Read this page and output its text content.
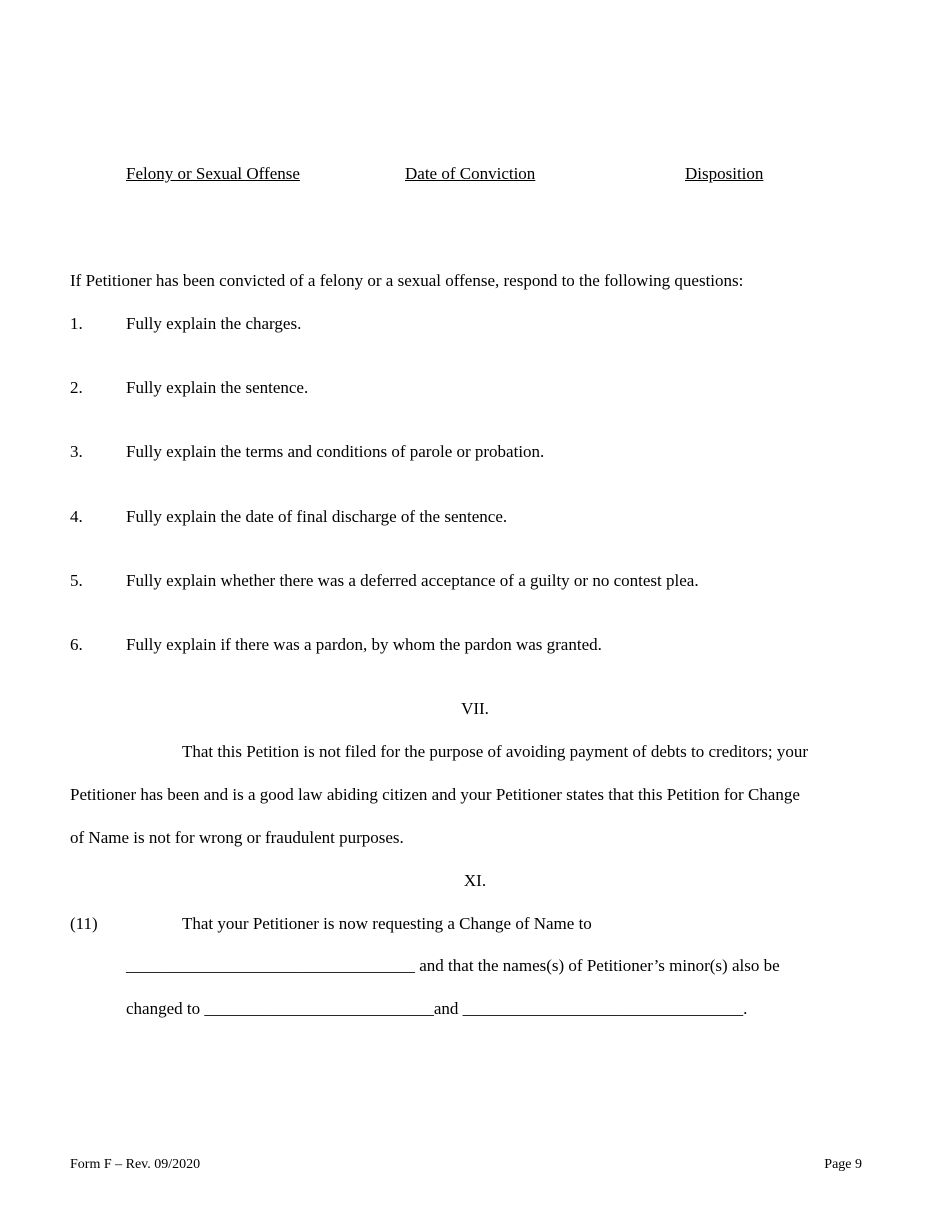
Felony or Sexual Offense	Date of Conviction	Disposition
If Petitioner has been convicted of a felony or a sexual offense, respond to the following questions:
1.	Fully explain the charges.
2.	Fully explain the sentence.
3.	Fully explain the terms and conditions of parole or probation.
4.	Fully explain the date of final discharge of the sentence.
5.	Fully explain whether there was a deferred acceptance of a guilty or no contest plea.
6.	Fully explain if there was a pardon, by whom the pardon was granted.
VII.
That this Petition is not filed for the purpose of avoiding payment of debts to creditors; your
Petitioner has been and is a good law abiding citizen and your Petitioner states that this Petition for Change
of Name is not for wrong or fraudulent purposes.
XI.
(11)	That your Petitioner is now requesting a Change of Name to
__________________________________ and that the names(s) of Petitioner’s minor(s) also be
changed to ___________________________and _________________________________.
Form F – Rev. 09/2020	Page 9
